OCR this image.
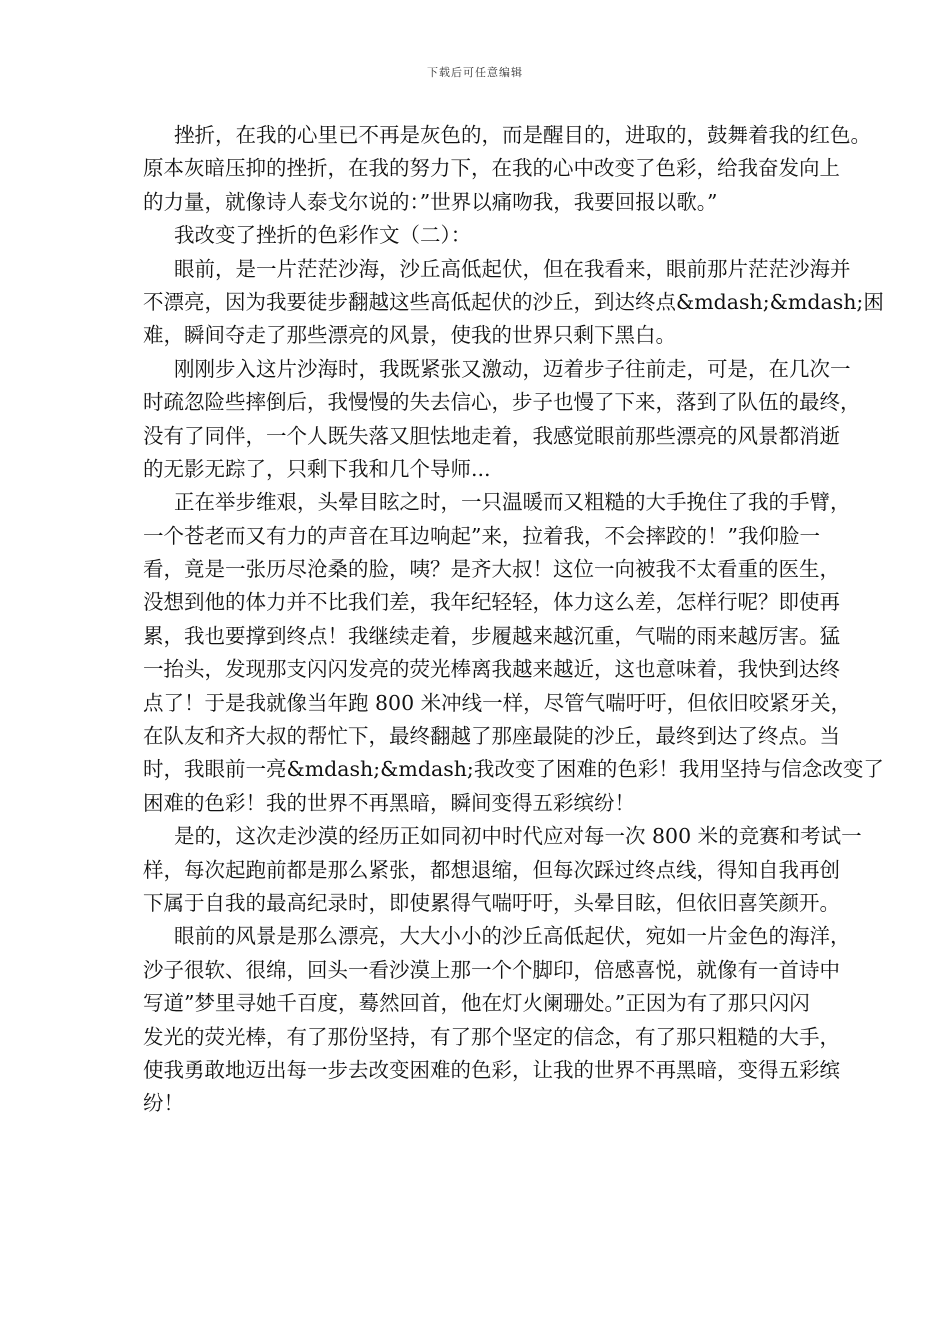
下载后可任意编辑
挫折，在我的心里已不再是灰色的，而是醒目的，进取的，鼓舞着我的红色。
原本灰暗压抑的挫折，在我的努力下，在我的心中改变了色彩，给我奋发向上
的力量，就像诗人泰戈尔说的：”世界以痛吻我，我要回报以歌。”
我改变了挫折的色彩作文（二）：
眼前，是一片茫茫沙海，沙丘高低起伏，但在我看来，眼前那片茫茫沙海并
不漂亮，因为我要徒步翻越这些高低起伏的沙丘，到达终点&mdash;&mdash;困
难，瞬间夺走了那些漂亮的风景，使我的世界只剩下黑白。
刚刚步入这片沙海时，我既紧张又激动，迈着步子往前走，可是，在几次一
时疏忽险些摔倒后，我慢慢的失去信心，步子也慢了下来，落到了队伍的最终，
没有了同伴，一个人既失落又胆怯地走着，我感觉眼前那些漂亮的风景都消逝
的无影无踪了，只剩下我和几个导师...
正在举步维艰，头晕目眩之时，一只温暖而又粗糙的大手挽住了我的手臂，
一个苍老而又有力的声音在耳边响起”来，拉着我，不会摔跤的！”我仰脸一
看，竟是一张历尽沧桑的脸，咦？是齐大叔！这位一向被我不太看重的医生，
没想到他的体力并不比我们差，我年纪轻轻，体力这么差，怎样行呢？即使再
累，我也要撑到终点！我继续走着，步履越来越沉重，气喘的雨来越厉害。猛
一抬头，发现那支闪闪发亮的荧光棒离我越来越近，这也意味着，我快到达终
点了！于是我就像当年跑 800 米冲线一样，尽管气喘吁吁，但依旧咬紧牙关，
在队友和齐大叔的帮忙下，最终翻越了那座最陡的沙丘，最终到达了终点。当
时，我眼前一亮&mdash;&mdash;我改变了困难的色彩！我用坚持与信念改变了
困难的色彩！我的世界不再黑暗，瞬间变得五彩缤纷！
是的，这次走沙漠的经历正如同初中时代应对每一次 800 米的竞赛和考试一
样，每次起跑前都是那么紧张，都想退缩，但每次踩过终点线，得知自我再创
下属于自我的最高纪录时，即使累得气喘吁吁，头晕目眩，但依旧喜笑颜开。
眼前的风景是那么漂亮，大大小小的沙丘高低起伏，宛如一片金色的海洋，
沙子很软、很绵，回头一看沙漠上那一个个脚印，倍感喜悦，就像有一首诗中
写道”梦里寻她千百度，蓦然回首，他在灯火阑珊处。”正因为有了那只闪闪
发光的荧光棒，有了那份坚持，有了那个坚定的信念，有了那只粗糙的大手，
使我勇敢地迈出每一步去改变困难的色彩，让我的世界不再黑暗，变得五彩缤
纷！
